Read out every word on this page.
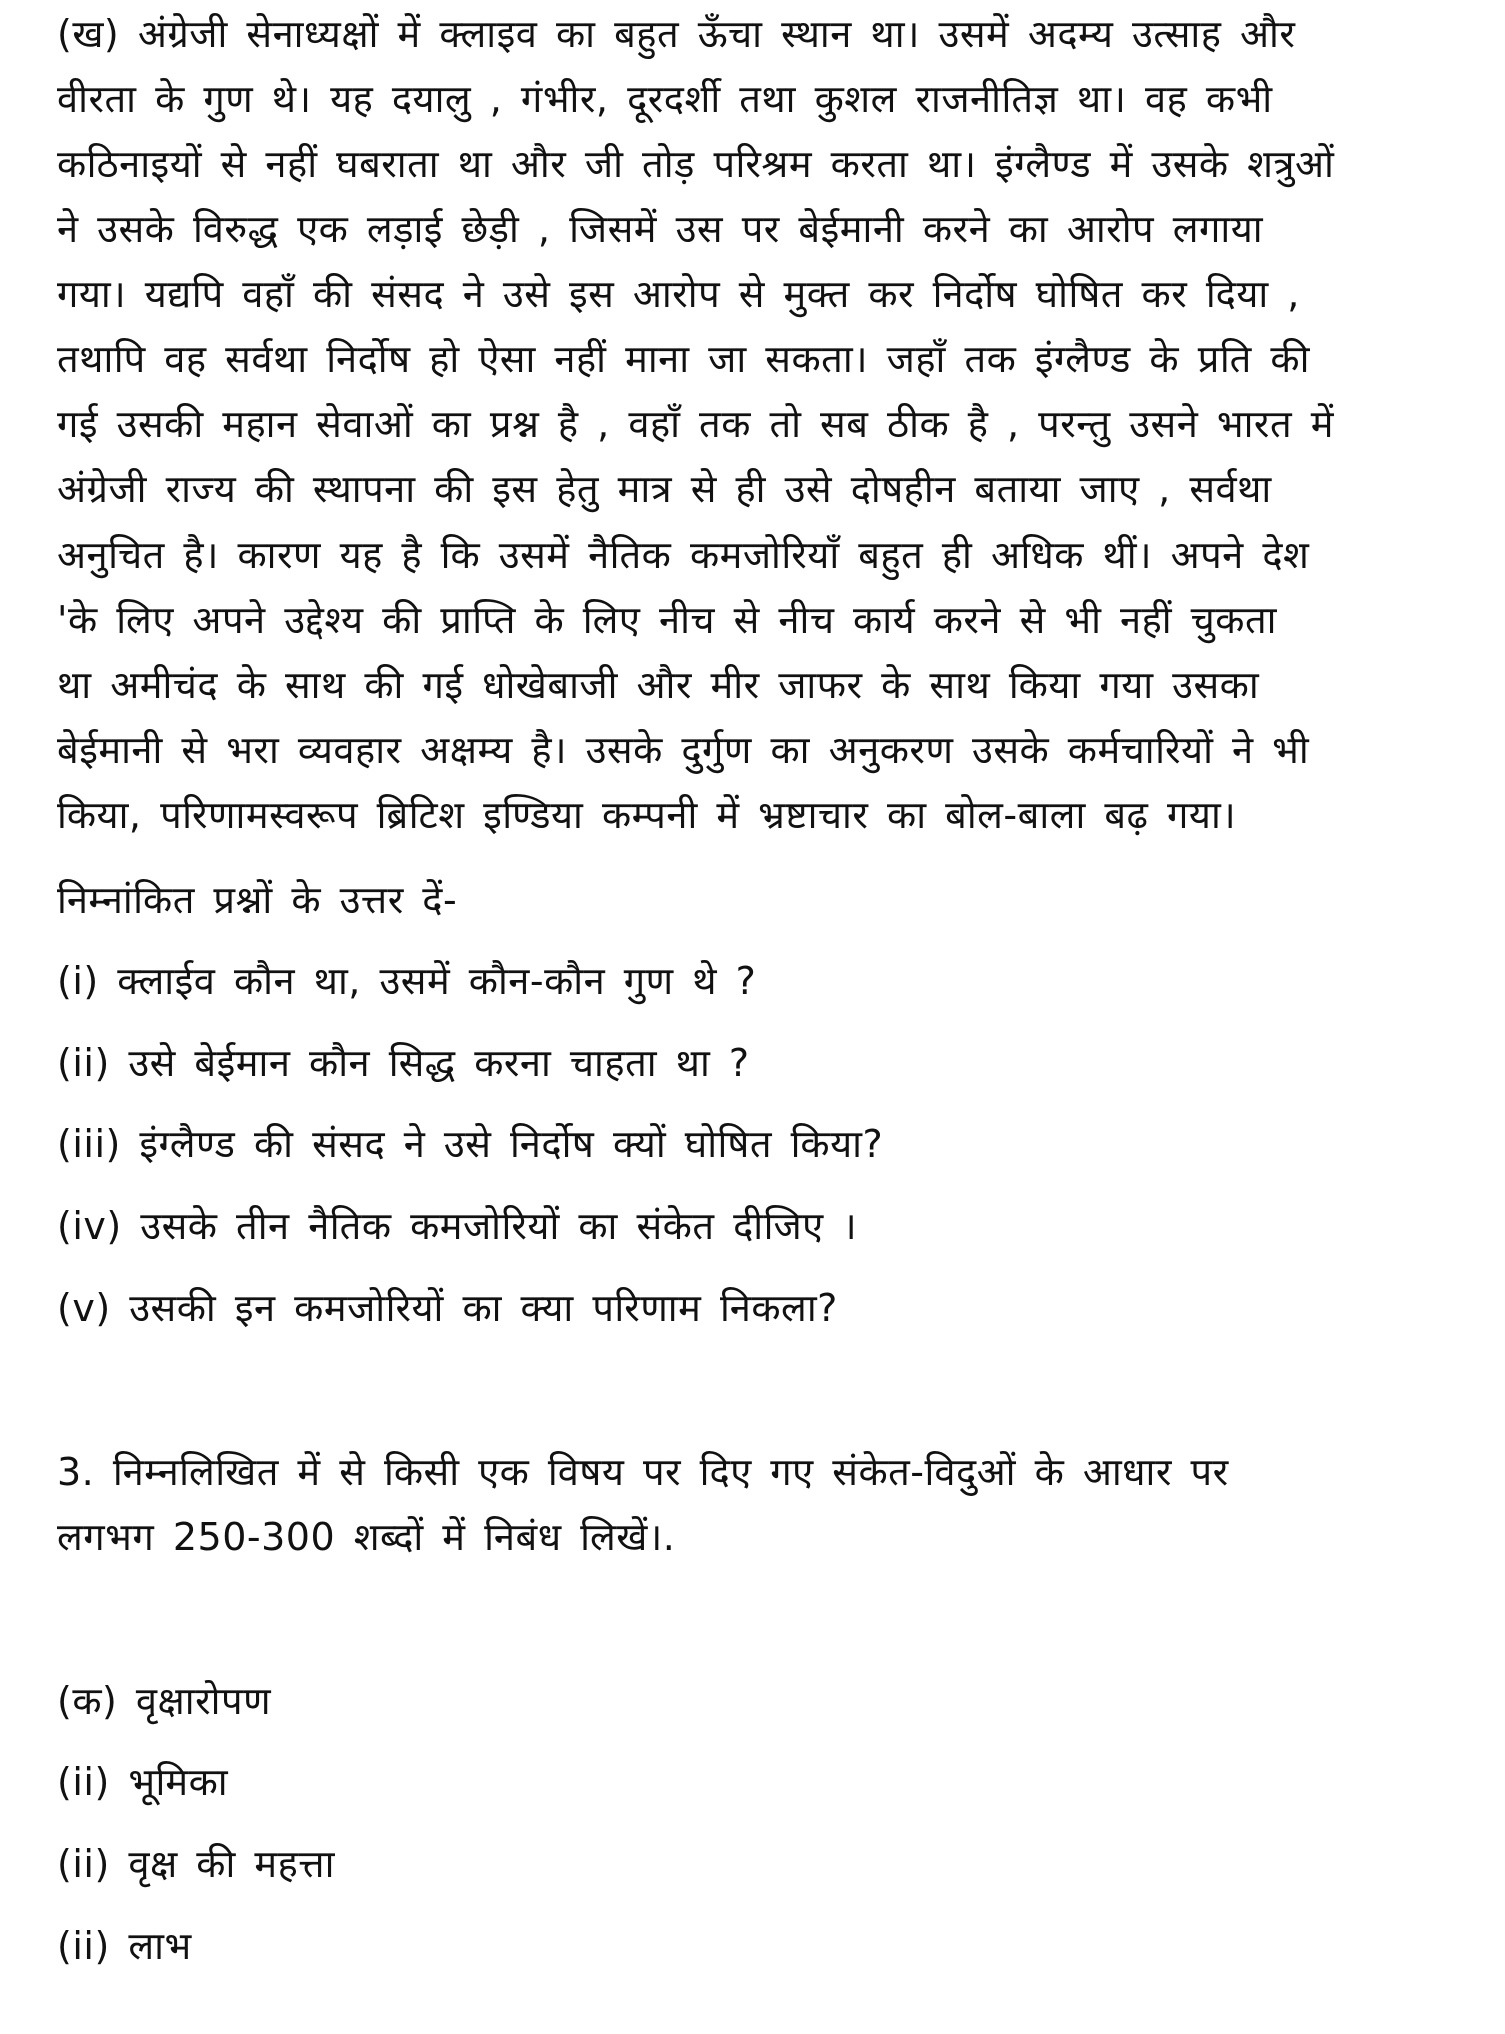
(ख) अंग्रेजी सेनाध्यक्षों में क्लाइव का बहुत ऊँचा स्थान था। उसमें अदम्य उत्साह और
वीरता के गुण थे। यह दयालु , गंभीर, दूरदर्शी तथा कुशल राजनीतिज्ञ था। वह कभी
कठिनाइयों से नहीं घबराता था और जी तोड़ परिश्रम करता था। इंग्लैण्ड में उसके शत्रुओं
ने उसके विरुद्ध एक लड़ाई छेड़ी , जिसमें उस पर बेईमानी करने का आरोप लगाया
गया। यद्यपि वहाँ की संसद ने उसे इस आरोप से मुक्त कर निर्दोष घोषित कर दिया ,
तथापि वह सर्वथा निर्दोष हो ऐसा नहीं माना जा सकता। जहाँ तक इंग्लैण्ड के प्रति की
गई उसकी महान सेवाओं का प्रश्न है , वहाँ तक तो सब ठीक है , परन्तु उसने भारत में
अंग्रेजी राज्य की स्थापना की इस हेतु मात्र से ही उसे दोषहीन बताया जाए , सर्वथा
अनुचित है। कारण यह है कि उसमें नैतिक कमजोरियाँ बहुत ही अधिक थीं। अपने देश
'के लिए अपने उद्देश्य की प्राप्ति के लिए नीच से नीच कार्य करने से भी नहीं चुकता
था अमीचंद के साथ की गई धोखेबाजी और मीर जाफर के साथ किया गया उसका
बेईमानी से भरा व्यवहार अक्षम्य है। उसके दुर्गुण का अनुकरण उसके कर्मचारियों ने भी
किया, परिणामस्वरूप ब्रिटिश इण्डिया कम्पनी में भ्रष्टाचार का बोल-बाला बढ़ गया।
निम्नांकित प्रश्नों के उत्तर दें-
(i) क्लाईव कौन था, उसमें कौन-कौन गुण थे ?
(ii) उसे बेईमान कौन सिद्ध करना चाहता था ?
(iii) इंग्लैण्ड की संसद ने उसे निर्दोष क्यों घोषित किया?
(iv) उसके तीन नैतिक कमजोरियों का संकेत दीजिए ।
(v) उसकी इन कमजोरियों का क्या परिणाम निकला?
3. निम्नलिखित में से किसी एक विषय पर दिए गए संकेत-विदुओं के आधार पर
लगभग 250-300 शब्दों में निबंध लिखें।.
(क) वृक्षारोपण
(ii) भूमिका
(ii) वृक्ष की महत्ता
(ii) लाभ
